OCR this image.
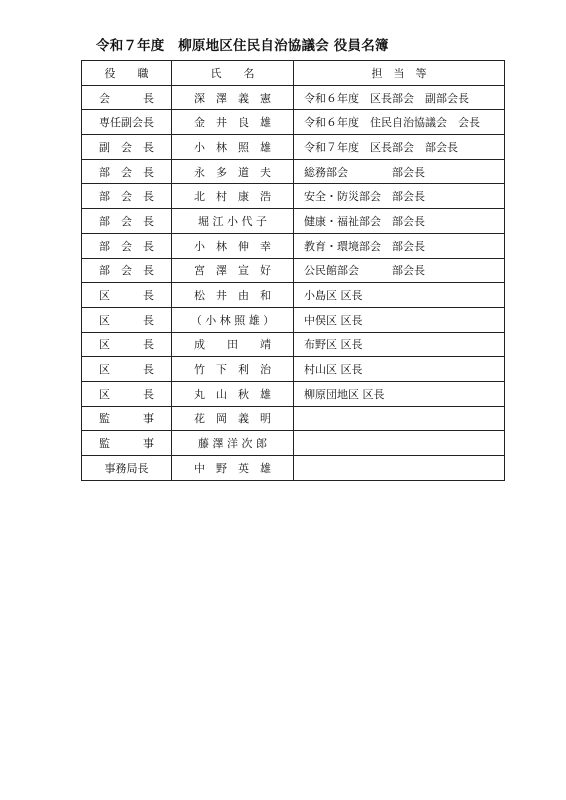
令和７年度　柳原地区住民自治協議会 役員名簿
役　　職	氏　　名	担　当　等
会　　　長	深　澤　義　憲	令和６年度　区長部会　副部会長
専任副会長	金　井　良　雄	令和６年度　住民自治協議会　会長
副　会　長	小　林　照　雄	令和７年度　区長部会　部会長
部　会　長	永　多　道　夫	総務部会　　　　部会長
部　会　長	北　村　康　浩	安全・防災部会　部会長
部　会　長	堀 江 小 代 子	健康・福祉部会　部会長
部　会　長	小　林　伸　幸	教育・環境部会　部会長
部　会　長	宮　澤　宣　好	公民館部会　　　部会長
区　　　長	松　井　由　和	小島区 区長
区　　　長	（ 小 林 照 雄 ）	中俣区 区長
区　　　長	成　　田　　靖	布野区 区長
区　　　長	竹　下　利　治	村山区 区長
区　　　長	丸　山　秋　雄	柳原団地区 区長
監　　　事	花　岡　義　明	
監　　　事	藤 澤 洋 次 郎	
事務局長	中　野　英　雄	
